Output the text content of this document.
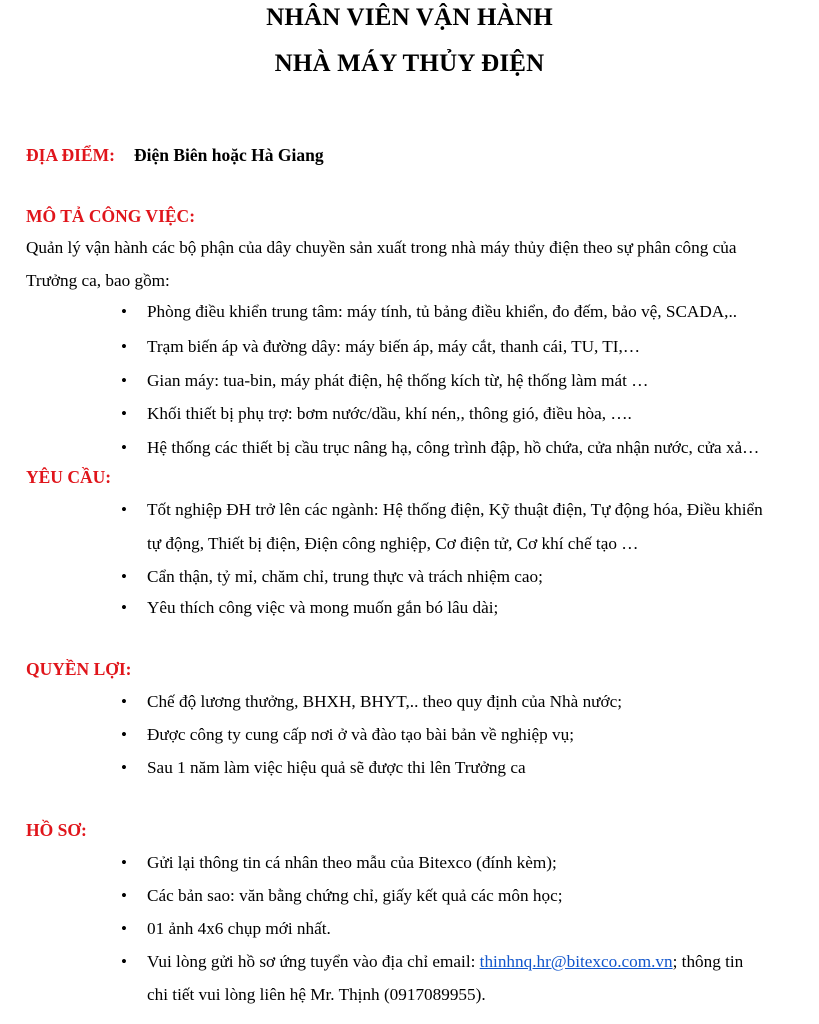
NHÂN VIÊN VẬN HÀNH
NHÀ MÁY THỦY ĐIỆN
ĐỊA ĐIỂM: Điện Biên hoặc Hà Giang
MÔ TẢ CÔNG VIỆC:
Quản lý vận hành các bộ phận của dây chuyền sản xuất trong nhà máy thủy điện theo sự phân công của
Trưởng ca, bao gồm:
• Phòng điều khiển trung tâm: máy tính, tủ bảng điều khiển, đo đếm, bảo vệ, SCADA,..
• Trạm biến áp và đường dây: máy biến áp, máy cắt, thanh cái, TU, TI,…
• Gian máy: tua-bin, máy phát điện, hệ thống kích từ, hệ thống làm mát …
• Khối thiết bị phụ trợ: bơm nước/dầu, khí nén,, thông gió, điều hòa, ….
• Hệ thống các thiết bị cầu trục nâng hạ, công trình đập, hồ chứa, cửa nhận nước, cửa xả…
YÊU CẦU:
• Tốt nghiệp ĐH trở lên các ngành: Hệ thống điện, Kỹ thuật điện, Tự động hóa, Điều khiển
tự động, Thiết bị điện, Điện công nghiệp, Cơ điện tử, Cơ khí chế tạo …
• Cẩn thận, tỷ mỉ, chăm chỉ, trung thực và trách nhiệm cao;
• Yêu thích công việc và mong muốn gắn bó lâu dài;
QUYỀN LỢI:
• Chế độ lương thưởng, BHXH, BHYT,.. theo quy định của Nhà nước;
• Được công ty cung cấp nơi ở và đào tạo bài bản về nghiệp vụ;
• Sau 1 năm làm việc hiệu quả sẽ được thi lên Trưởng ca
HỒ SƠ:
• Gửi lại thông tin cá nhân theo mẫu của Bitexco (đính kèm);
• Các bản sao: văn bằng chứng chỉ, giấy kết quả các môn học;
• 01 ảnh 4x6 chụp mới nhất.
• Vui lòng gửi hồ sơ ứng tuyển vào địa chỉ email: thinhnq.hr@bitexco.com.vn; thông tin
chi tiết vui lòng liên hệ Mr. Thịnh (0917089955).
